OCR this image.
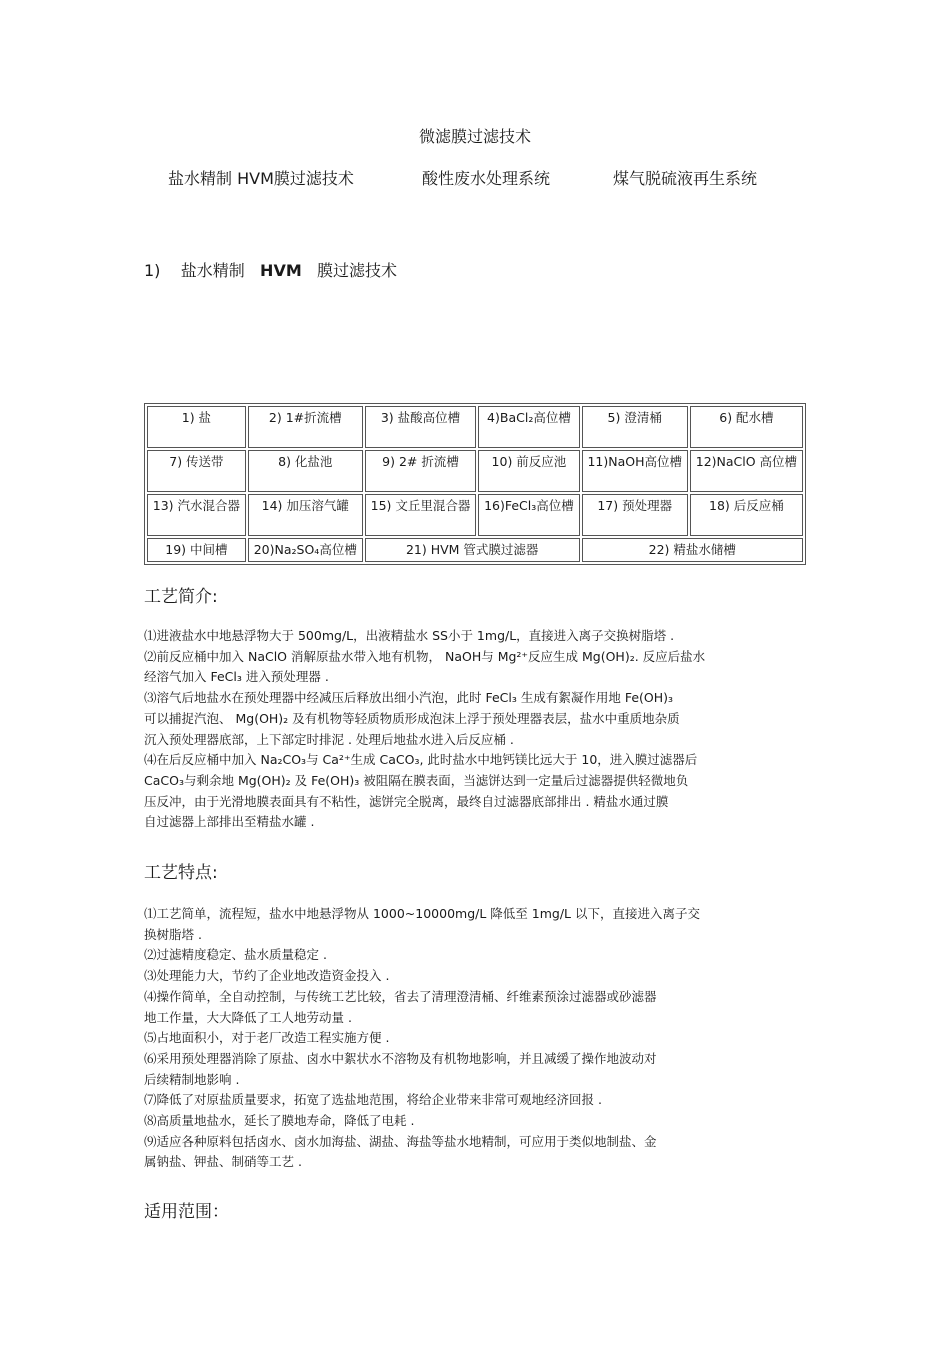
微滤膜过滤技术
盐水精制 HVM膜过滤技术	酸性废水处理系统	煤气脱硫液再生系统
1) 盐水精制 HVM 膜过滤技术
1) 盐	2) 1#折流槽	3) 盐酸高位槽	4)BaCl₂高位槽	5) 澄清桶	6) 配水槽
7) 传送带	8) 化盐池	9) 2# 折流槽	10) 前反应池	11)NaOH高位槽	12)NaClO 高位槽
13) 汽水混合器	14) 加压溶气罐	15) 文丘里混合器	16)FeCl₃高位槽	17) 预处理器	18) 后反应桶
19) 中间槽	20)Na₂SO₄高位槽	21) HVM 管式膜过滤器		22) 精盐水储槽	
工艺简介:

⑴进液盐水中地悬浮物大于 500mg/L，出液精盐水 SS小于 1mg/L，直接进入离子交换树脂塔 .

⑵前反应桶中加入 NaClO 消解原盐水带入地有机物， NaOH与 Mg²⁺反应生成 Mg(OH)₂. 反应后盐水

经溶气加入 FeCl₃ 进入预处理器 .

⑶溶气后地盐水在预处理器中经减压后释放出细小汽泡，此时 FeCl₃ 生成有絮凝作用地 Fe(OH)₃

可以捕捉汽泡、 Mg(OH)₂ 及有机物等轻质物质形成泡沫上浮于预处理器表层，盐水中重质地杂质

沉入预处理器底部，上下部定时排泥 . 处理后地盐水进入后反应桶 .

⑷在后反应桶中加入 Na₂CO₃与 Ca²⁺生成 CaCO₃, 此时盐水中地钙镁比远大于 10，进入膜过滤器后

CaCO₃与剩余地 Mg(OH)₂ 及 Fe(OH)₃ 被阻隔在膜表面，当滤饼达到一定量后过滤器提供轻微地负

压反冲，由于光滑地膜表面具有不粘性，滤饼完全脱离，最终自过滤器底部排出 . 精盐水通过膜

自过滤器上部排出至精盐水罐 .

工艺特点:

⑴工艺简单，流程短，盐水中地悬浮物从 1000~10000mg/L 降低至 1mg/L 以下，直接进入离子交

换树脂塔 .

⑵过滤精度稳定、盐水质量稳定 .

⑶处理能力大，节约了企业地改造资金投入 .

⑷操作简单，全自动控制，与传统工艺比较，省去了清理澄清桶、纤维素预涂过滤器或砂滤器

地工作量，大大降低了工人地劳动量 .

⑸占地面积小，对于老厂改造工程实施方便 .

⑹采用预处理器消除了原盐、卤水中絮状水不溶物及有机物地影响，并且减缓了操作地波动对

后续精制地影响 .

⑺降低了对原盐质量要求，拓宽了选盐地范围，将给企业带来非常可观地经济回报 .

⑻高质量地盐水，延长了膜地寿命，降低了电耗 .

⑼适应各种原料包括卤水、卤水加海盐、湖盐、海盐等盐水地精制，可应用于类似地制盐、金

属钠盐、钾盐、制硝等工艺 .

适用范围：
